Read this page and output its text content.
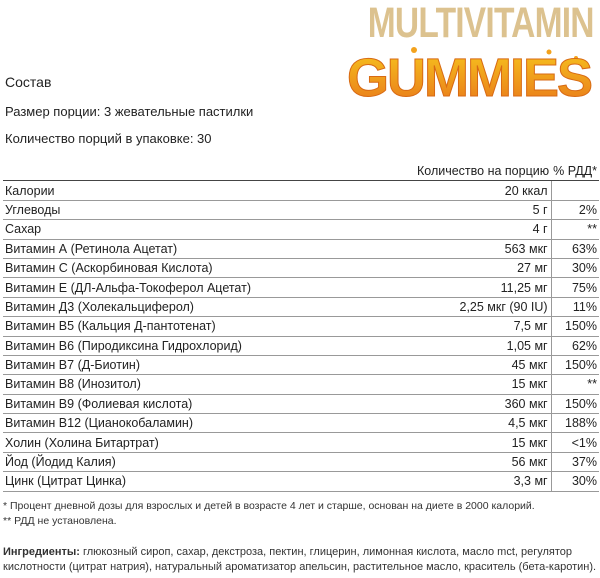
MULTIVITAMIN
GUMMIES
Состав
Размер порции: 3 жевательные пастилки
Количество порций в упаковке: 30
	Количество на порцию	% РДД*
Калории	20 ккал	
Углеводы	5 г	2%
Сахар	4 г	**
Витамин А (Ретинола Ацетат)	563 мкг	63%
Витамин С (Аскорбиновая Кислота)	27 мг	30%
Витамин Е (ДЛ-Альфа-Токоферол Ацетат)	11,25 мг	75%
Витамин Д3 (Холекальциферол)	2,25 мкг (90 IU)	11%
Витамин В5 (Кальция Д-пантотенат)	7,5 мг	150%
Витамин В6 (Пиродиксина Гидрохлорид)	1,05 мг	62%
Витамин В7 (Д-Биотин)	45 мкг	150%
Витамин В8 (Инозитол)	15 мкг	**
Витамин В9 (Фолиевая кислота)	360 мкг	150%
Витамин В12 (Цианокобаламин)	4,5 мкг	188%
Холин (Холина Битартрат)	15 мкг	<1%
Йод (Йодид Калия)	56 мкг	37%
Цинк (Цитрат Цинка)	3,3 мг	30%
* Процент дневной дозы для взрослых и детей в возрасте 4 лет и старше, основан на диете в 2000 калорий.
** РДД не установлена.
Ингредиенты: глюкозный сироп, сахар, декстроза, пектин, глицерин, лимонная кислота, масло mct, регулятор кислотности (цитрат натрия), натуральный ароматизатор апельсин, растительное масло, краситель (бета-каротин).
